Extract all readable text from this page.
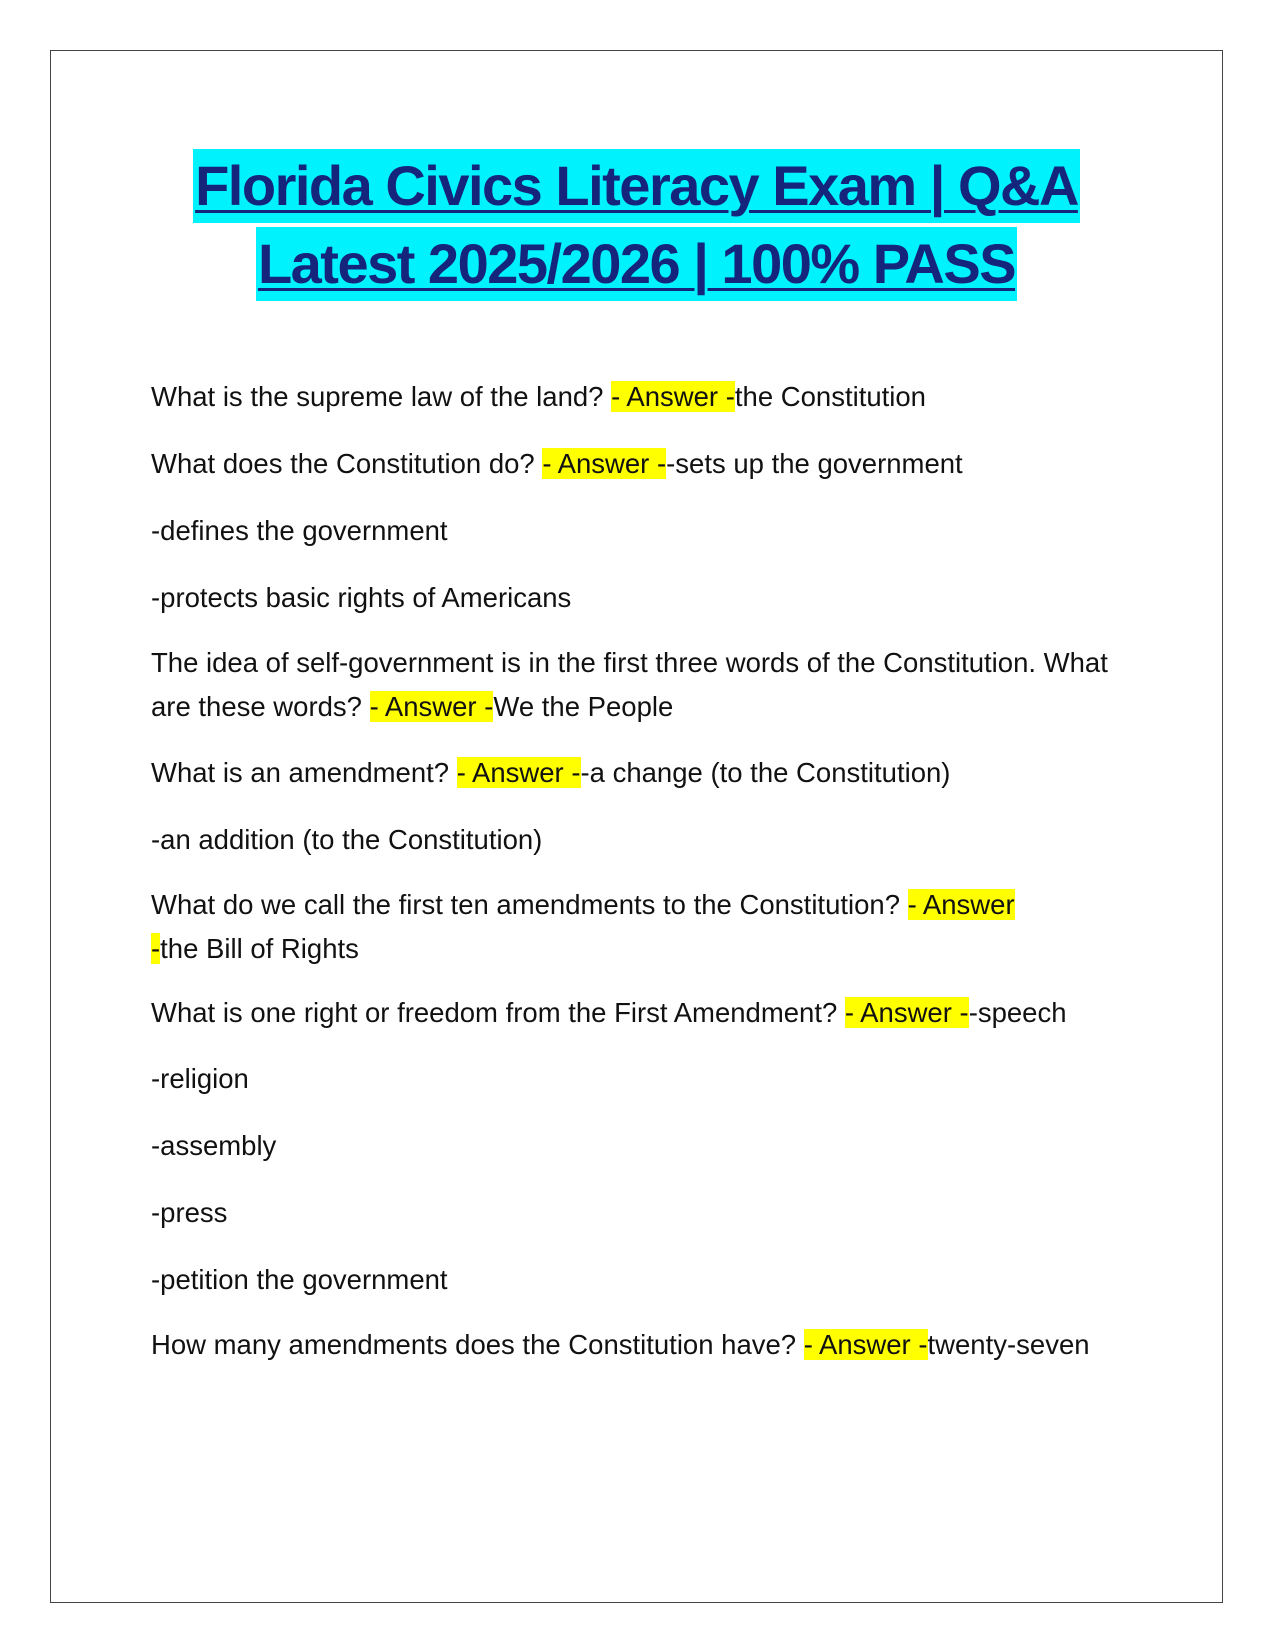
Florida Civics Literacy Exam | Q&A
Latest 2025/2026 | 100% PASS

What is the supreme law of the land? - Answer -the Constitution

What does the Constitution do? - Answer --sets up the government

-defines the government

-protects basic rights of Americans

The idea of self-government is in the first three words of the Constitution. What are these words? - Answer -We the People

What is an amendment? - Answer --a change (to the Constitution)

-an addition (to the Constitution)

What do we call the first ten amendments to the Constitution? - Answer
-the Bill of Rights

What is one right or freedom from the First Amendment? - Answer --speech

-religion

-assembly

-press

-petition the government

How many amendments does the Constitution have? - Answer -twenty-seven
